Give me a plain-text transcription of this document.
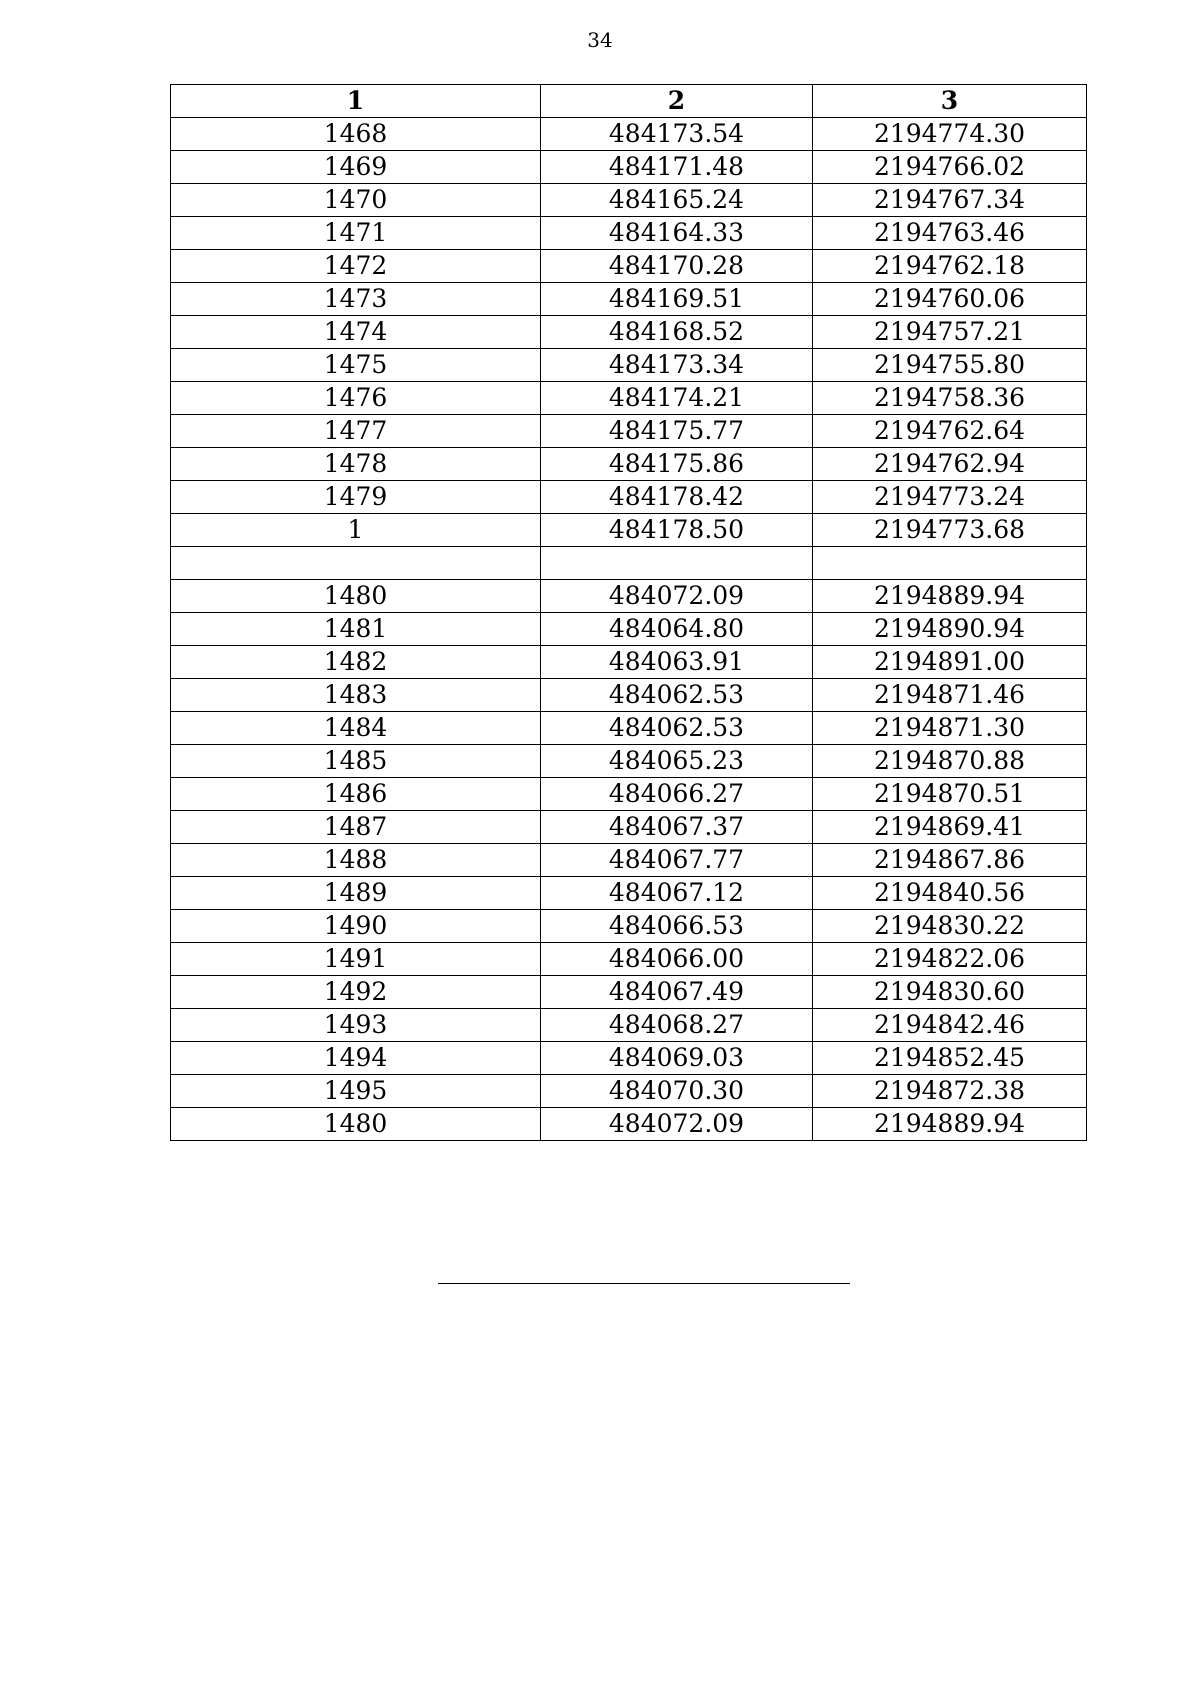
34
1	2	3
1468	484173.54	2194774.30
1469	484171.48	2194766.02
1470	484165.24	2194767.34
1471	484164.33	2194763.46
1472	484170.28	2194762.18
1473	484169.51	2194760.06
1474	484168.52	2194757.21
1475	484173.34	2194755.80
1476	484174.21	2194758.36
1477	484175.77	2194762.64
1478	484175.86	2194762.94
1479	484178.42	2194773.24
1	484178.50	2194773.68

1480	484072.09	2194889.94
1481	484064.80	2194890.94
1482	484063.91	2194891.00
1483	484062.53	2194871.46
1484	484062.53	2194871.30
1485	484065.23	2194870.88
1486	484066.27	2194870.51
1487	484067.37	2194869.41
1488	484067.77	2194867.86
1489	484067.12	2194840.56
1490	484066.53	2194830.22
1491	484066.00	2194822.06
1492	484067.49	2194830.60
1493	484068.27	2194842.46
1494	484069.03	2194852.45
1495	484070.30	2194872.38
1480	484072.09	2194889.94
